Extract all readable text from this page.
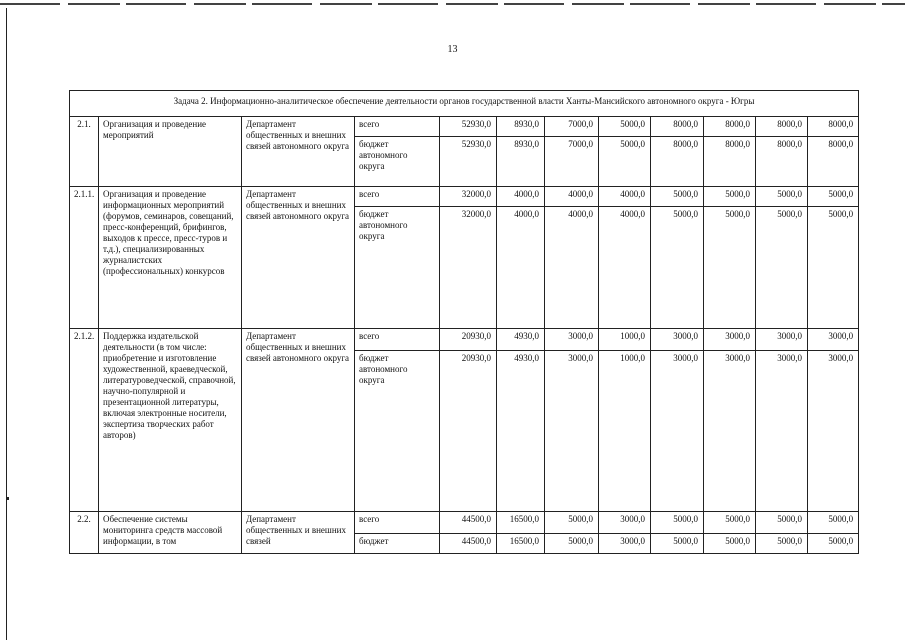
13
Задача 2. Информационно-аналитическое обеспечение деятельности органов государственной власти Ханты-Мансийского автономного округа - Югры											
2.1.	Организация и проведение мероприятий	Департамент общественных и внешних связей автономного округа	всего	52930,0	8930,0	7000,0	5000,0	8000,0	8000,0	8000,0	8000,0
			бюджет автономного округа	52930,0	8930,0	7000,0	5000,0	8000,0	8000,0	8000,0	8000,0
2.1.1.	Организация и проведение информационных мероприятий (форумов, семинаров, совещаний, пресс-конференций, брифингов, выходов к прессе, пресс-туров и т.д.), специализированных журналистских (профессиональных) конкурсов	Департамент общественных и внешних связей автономного округа	всего	32000,0	4000,0	4000,0	4000,0	5000,0	5000,0	5000,0	5000,0
			бюджет автономного округа	32000,0	4000,0	4000,0	4000,0	5000,0	5000,0	5000,0	5000,0
2.1.2.	Поддержка издательской деятельности (в том числе: приобретение и изготовление художественной, краеведческой, литературоведческой, справочной, научно-популярной и презентационной литературы, включая электронные носители, экспертиза творческих работ авторов)	Департамент общественных и внешних связей автономного округа	всего	20930,0	4930,0	3000,0	1000,0	3000,0	3000,0	3000,0	3000,0
			бюджет автономного округа	20930,0	4930,0	3000,0	1000,0	3000,0	3000,0	3000,0	3000,0
2.2.	Обеспечение системы мониторинга средств массовой информации, в том	Департамент общественных и внешних связей	всего	44500,0	16500,0	5000,0	3000,0	5000,0	5000,0	5000,0	5000,0
			бюджет	44500,0	16500,0	5000,0	3000,0	5000,0	5000,0	5000,0	5000,0
